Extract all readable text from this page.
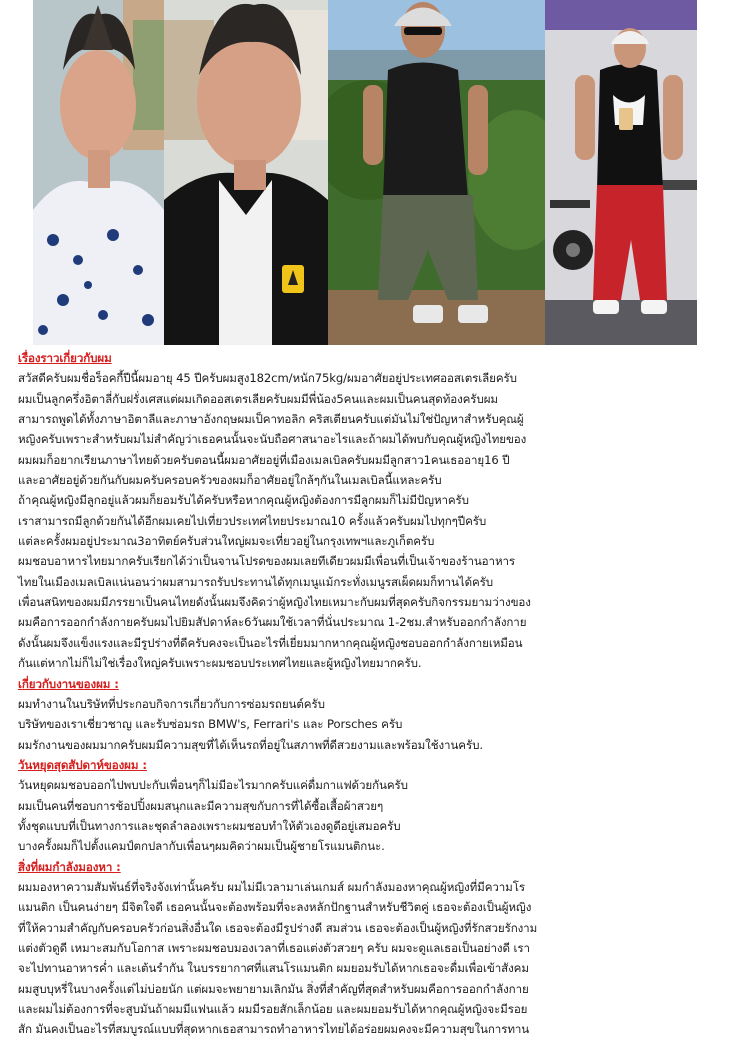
เรื่องราวเกี่ยวกับผม

สวัสดีครับผมชื่อร็อคกี้ปีนี้ผมอายุ 45 ปีครับผมสูง182cm/หนัก75kg/ผมอาศัยอยู่ประเทศออสเตรเลียครับ

ผมเป็นลูกครึ่งอิตาลี่กับฝรั่งเศสแต่ผมเกิดออสเตรเลียครับผมมีพี่น้อง5คนและผมเป็นคนสุดท้องครับผม

สามารถพูดได้ทั้งภาษาอิตาลีและภาษาอังกฤษผมเป็คาทอลิก คริสเตียนครับแต่มันไม่ใช่ปัญหาสำหรับคุณผู้

หญิงครับเพราะสำหรับผมไม่สำคัญว่าเธอคนนั้นจะนับถือศาสนาอะไรและถ้าผมได้พบกับคุณผู้หญิงไทยของ

ผมผมก็อยากเรียนภาษาไทยด้วยครับตอนนี้ผมอาศัยอยู่ที่เมืองเมลเบิลครับผมมีลูกสาว1คนเธออายุ16 ปี

และอาศัยอยู่ด้วยกันกับผมครับครอบครัวของผมก็อาศัยอยู่ใกล้ๆกันในเมลเบิลนี้แหละครับ

ถ้าคุณผู้หญิงมีลูกอยู่แล้วผมก็ยอมรับได้ครับหรือหากคุณผู้หญิงต้องการมีลูกผมก็ไม่มีปัญหาครับ

เราสามารถมีลูกด้วยกันได้อีกผมเคยไปเที่ยวประเทศไทยประมาณ10 ครั้งแล้วครับผมไปทุกๆปีครับ

แต่ละครั้งผมอยู่ประมาณ3อาทิตย์ครับส่วนใหญ่ผมจะเที่ยวอยู่ในกรุงเทพฯและภูเก็ตครับ

ผมชอบอาหารไทยมากครับเรียกได้ว่าเป็นจานโปรดของผมเลยทีเดียวผมมีเพื่อนที่เป็นเจ้าของร้านอาหาร

ไทยในเมืองเมลเบิลแน่นอนว่าผมสามารถรับประทานได้ทุกเมนูแม้กระทั่งเมนูรสเผ็ดผมก็ทานได้ครับ

เพื่อนสนิทของผมมีภรรยาเป็นคนไทยดังนั้นผมจึงคิดว่าผู้หญิงไทยเหมาะกับผมที่สุดครับกิจกรรมยามว่างของ

ผมคือการออกกำลังกายครับผมไปยิมสัปดาห์ละ6วันผมใช้เวลาที่นั่นประมาณ 1-2ชม.สำหรับออกกำลังกาย

ดังนั้นผมจึงแข็งแรงและมีรูปร่างที่ดีครับคงจะเป็นอะไรที่เยี่ยมมากหากคุณผู้หญิงชอบออกกำลังกายเหมือน

กันแต่หากไม่ก็ไม่ใช่เรื่องใหญ่ครับเพราะผมชอบประเทศไทยและผู้หญิงไทยมากครับ.

เกี่ยวกับงานของผม :

ผมทำงานในบริษัทที่ประกอบกิจการเกี่ยวกับการซ่อมรถยนต์ครับ

บริษัทของเราเชี่ยวชาญ และรับซ่อมรถ BMW's, Ferrari's และ Porsches ครับ

ผมรักงานของผมมากครับผมมีความสุขที่ได้เห็นรถที่อยู่ในสภาพที่ดีสวยงามและพร้อมใช้งานครับ.

วันหยุดสุดสัปดาห์ของผม :

วันหยุดผมชอบออกไปพบปะกับเพื่อนๆก็ไม่มีอะไรมากครับแค่ดื่มกาแฟด้วยกันครับ

ผมเป็นคนที่ชอบการช้อปปิ้งผมสนุกและมีความสุขกับการที่ได้ซื้อเสื้อผ้าสวยๆ

ทั้งชุดแบบที่เป็นทางการและชุดลำลองเพราะผมชอบทำให้ตัวเองดูดีอยู่เสมอครับ

บางครั้งผมก็ไปตั้งแคมป์ตกปลากับเพื่อนๆผมคิดว่าผมเป็นผู้ชายโรแมนติกนะ.

สิ่งที่ผมกำลังมองหา :

ผมมองหาความสัมพันธ์ที่จริงจังเท่านั้นครับ ผมไม่มีเวลามาเล่นเกมส์ ผมกำลังมองหาคุณผู้หญิงที่มีความโร

แมนติก เป็นคนง่ายๆ มีจิตใจดี เธอคนนั้นจะต้องพร้อมที่จะลงหลักปักฐานสำหรับชีวิตคู่ เธอจะต้องเป็นผู้หญิง

ที่ให้ความสำคัญกับครอบครัวก่อนสิ่งอื่นใด เธอจะต้องมีรูปร่างดี สมส่วน เธอจะต้องเป็นผู้หญิงที่รักสวยรักงาม

แต่งตัวดูดี เหมาะสมกับโอกาส เพราะผมชอบมองเวลาที่เธอแต่งตัวสวยๆ ครับ ผมจะดูแลเธอเป็นอย่างดี เรา

จะไปทานอาหารค่ำ และเต้นรำกัน ในบรรยากาศที่แสนโรแมนติก ผมยอมรับได้หากเธอจะดื่มเพื่อเข้าสังคม

ผมสูบบุหรี่ในบางครั้งแต่ไม่บ่อยนัก แต่ผมจะพยายามเลิกมัน สิ่งที่สำคัญที่สุดสำหรับผมคือการออกกำลังกาย

และผมไม่ต้องการที่จะสูบมันถ้าผมมีแฟนแล้ว ผมมีรอยสักเล็กน้อย และผมยอมรับได้หากคุณผู้หญิงจะมีรอย

สัก มันคงเป็นอะไรที่สมบูรณ์แบบที่สุดหากเธอสามารถทำอาหารไทยได้อร่อยผมคงจะมีความสุขในการทาน
